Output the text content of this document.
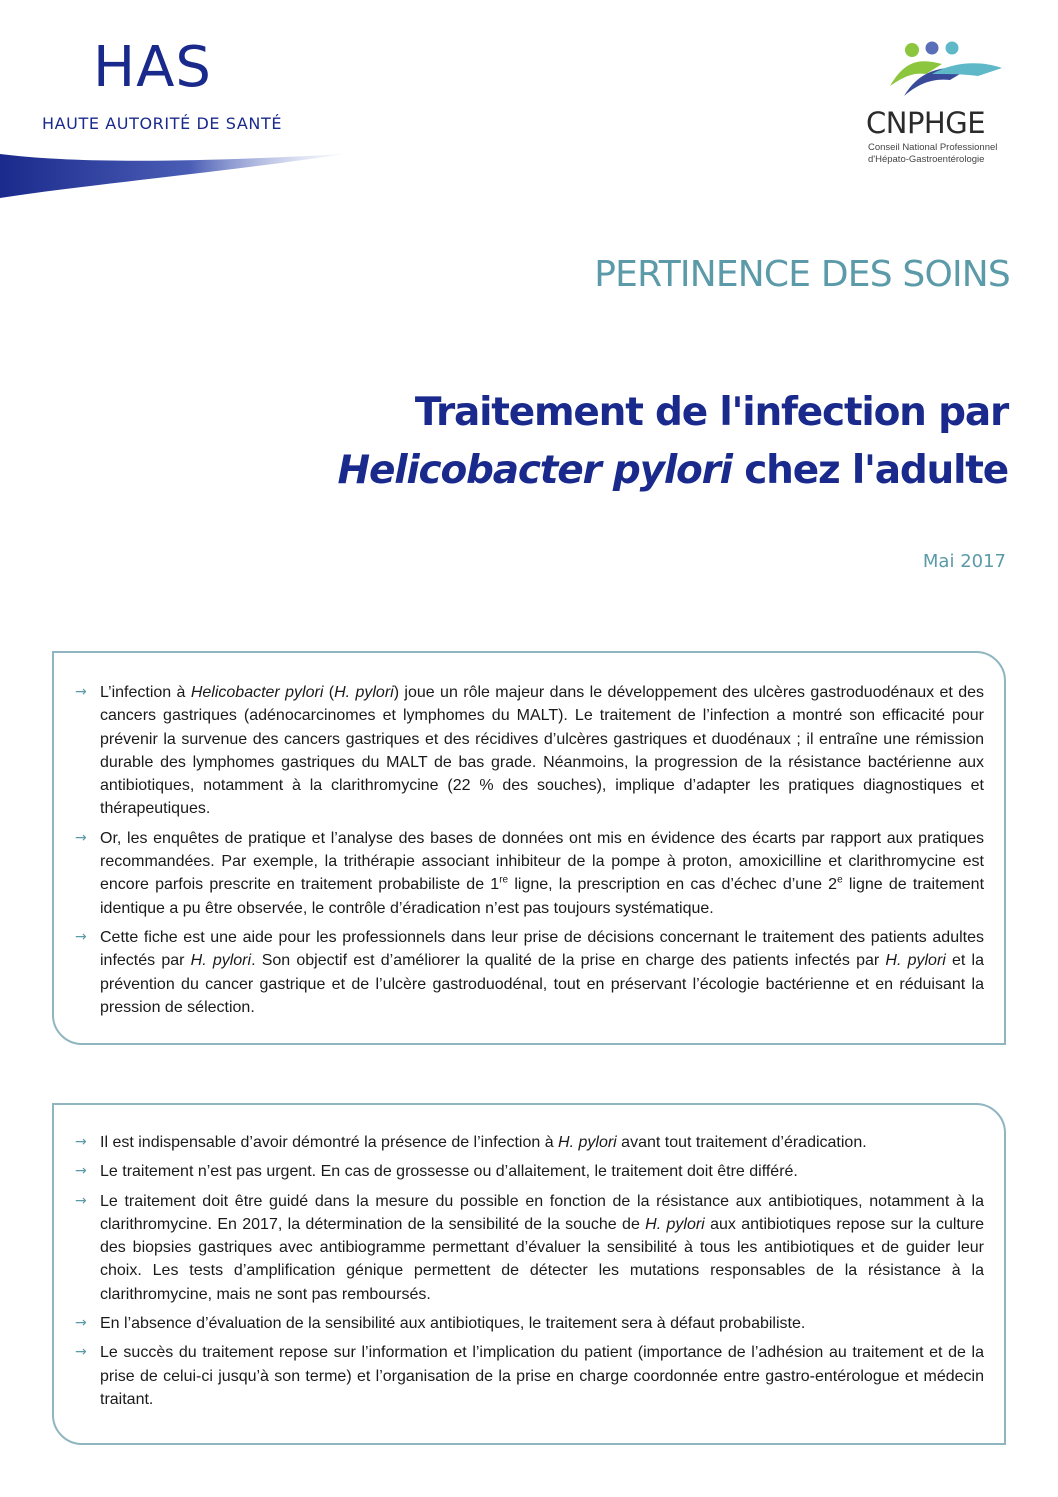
HAS
HAUTE AUTORITÉ DE SANTÉ	CNPHGE
Conseil National Professionnel
d'Hépato-Gastroentérologie
PERTINENCE DES SOINS
Traitement de l'infection par
Helicobacter pylori chez l'adulte
Mai 2017
→ L’infection à Helicobacter pylori (H. pylori) joue un rôle majeur dans le développement des ulcères gastroduodénaux et des cancers gastriques (adénocarcinomes et lymphomes du MALT). Le traitement de l’infection a montré son efficacité pour prévenir la survenue des cancers gastriques et des récidives d’ulcères gastriques et duodénaux ; il entraîne une rémission durable des lymphomes gastriques du MALT de bas grade. Néanmoins, la progression de la résistance bactérienne aux antibiotiques, notamment à la clarithromycine (22 % des souches), implique d’adapter les pratiques diagnostiques et thérapeutiques.
→ Or, les enquêtes de pratique et l’analyse des bases de données ont mis en évidence des écarts par rapport aux pratiques recommandées. Par exemple, la trithérapie associant inhibiteur de la pompe à proton, amoxicilline et clarithromycine est encore parfois prescrite en traitement probabiliste de 1re ligne, la prescription en cas d’échec d’une 2e ligne de traitement identique a pu être observée, le contrôle d’éradication n’est pas toujours systématique.
→ Cette fiche est une aide pour les professionnels dans leur prise de décisions concernant le traitement des patients adultes infectés par H. pylori. Son objectif est d’améliorer la qualité de la prise en charge des patients infectés par H. pylori et la prévention du cancer gastrique et de l’ulcère gastroduodénal, tout en préservant l’écologie bactérienne et en réduisant la pression de sélection.
→ Il est indispensable d’avoir démontré la présence de l’infection à H. pylori avant tout traitement d’éradication.
→ Le traitement n’est pas urgent. En cas de grossesse ou d’allaitement, le traitement doit être différé.
→ Le traitement doit être guidé dans la mesure du possible en fonction de la résistance aux antibiotiques, notamment à la clarithromycine. En 2017, la détermination de la sensibilité de la souche de H. pylori aux antibiotiques repose sur la culture des biopsies gastriques avec antibiogramme permettant d’évaluer la sensibilité à tous les antibiotiques et de guider leur choix. Les tests d’amplification génique permettent de détecter les mutations responsables de la résistance à la clarithromycine, mais ne sont pas remboursés.
→ En l’absence d’évaluation de la sensibilité aux antibiotiques, le traitement sera à défaut probabiliste.
→ Le succès du traitement repose sur l’information et l’implication du patient (importance de l’adhésion au traitement et de la prise de celui-ci jusqu’à son terme) et l’organisation de la prise en charge coordonnée entre gastro-entérologue et médecin traitant.
